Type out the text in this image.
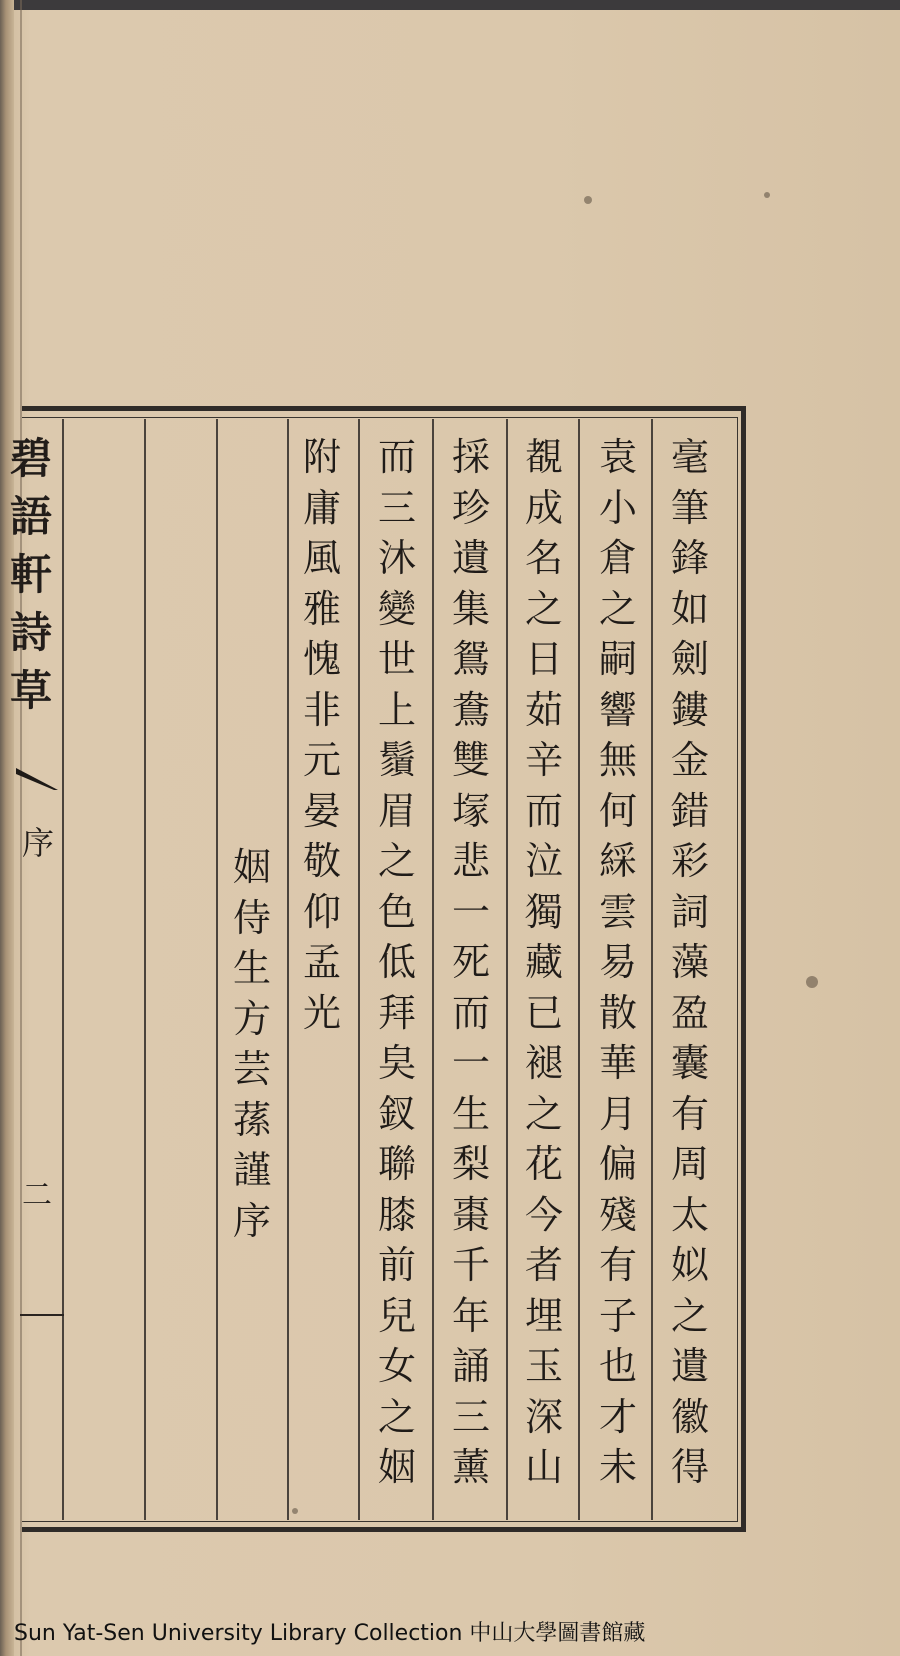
碧
語
軒
詩
草
序
二
毫
筆
鋒
如
劍
鏤
金
錯
彩
詞
藻
盈
囊
有
周
太
姒
之
遺
徽
得
袁
小
倉
之
嗣
響
無
何
綵
雲
易
散
華
月
偏
殘
有
子
也
才
未
覩
成
名
之
日
茹
辛
而
泣
獨
藏
已
褪
之
花
今
者
埋
玉
深
山
採
珍
遺
集
鴛
鴦
雙
塜
悲
一
死
而
一
生
梨
棗
千
年
誦
三
薰
而
三
沐
變
世
上
鬚
眉
之
色
低
拜
㚖
釵
聯
膝
前
兒
女
之
姻
附
庸
風
雅
愧
非
元
晏
敬
仰
孟
光
姻
侍
生
方
芸
蓀
謹
序
Sun Yat-Sen University Library Collection 中山大學圖書館藏
